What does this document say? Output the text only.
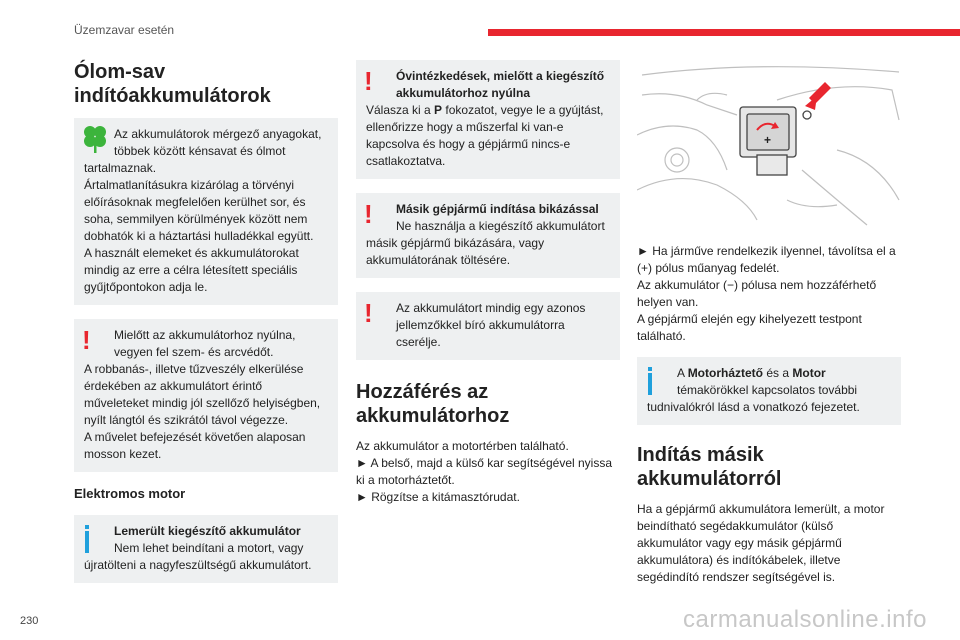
Üzemzavar esetén
Ólom-sav
indítóakkumulátorok

Az akkumulátorok mérgező anyagokat, többek között kénsavat és ólmot

tartalmaznak.
Ártalmatlanításukra kizárólag a törvényi előírásoknak megfelelően kerülhet sor, és soha, semmilyen körülmények között nem dobhatók ki a háztartási hulladékkal együtt.
A használt elemeket és akkumulátorokat mindig az erre a célra létesített speciális gyűjtőpontokon adja le.

!	Mielőtt az akkumulátorhoz nyúlna, vegyen fel szem- és arcvédőt.

A robbanás-, illetve tűzveszély elkerülése érdekében az akkumulátort érintő műveleteket mindig jól szellőző helyiségben, nyílt lángtól és szikrától távol végezze.
A művelet befejezését követően alaposan mosson kezet.

Elektromos motor

Lemerült kiegészítő akkumulátor

Nem lehet beindítani a motort, vagy

újratölteni a nagyfeszültségű akkumulátort.

!	Óvintézkedések, mielőtt a kiegészítő akkumulátorhoz nyúlna

Válasza ki a P fokozatot, vegye le a gyújtást, ellenőrizze hogy a műszerfal ki van-e kapcsolva és hogy a gépjármű nincs-e csatlakoztatva.

!	Másik gépjármű indítása bikázással

Ne használja a kiegészítő akkumulátort

másik gépjármű bikázására, vagy akkumulátorának töltésére.

!	Az akkumulátort mindig egy azonos jellemzőkkel bíró akkumulátorra cserélje.

Hozzáférés az
akkumulátorhoz

Az akkumulátor a motortérben található.

► A belső, majd a külső kar segítségével nyissa ki a motorháztetőt.

► Rögzítse a kitámasztórudat.

+

► Ha járműve rendelkezik ilyennel, távolítsa el a (+) pólus műanyag fedelét.

Az akkumulátor (−) pólusa nem hozzáférhető helyen van.

A gépjármű elején egy kihelyezett testpont található.

A Motorháztető és a Motor

témakörökkel kapcsolatos további

tudnivalókról lásd a vonatkozó fejezetet.

Indítás másik
akkumulátorról

Ha a gépjármű akkumulátora lemerült, a motor beindítható segédakkumulátor (külső akkumulátor vagy egy másik gépjármű akkumulátora) és indítókábelek, illetve segédindító rendszer segítségével is.

230	carmanualsonline.info
